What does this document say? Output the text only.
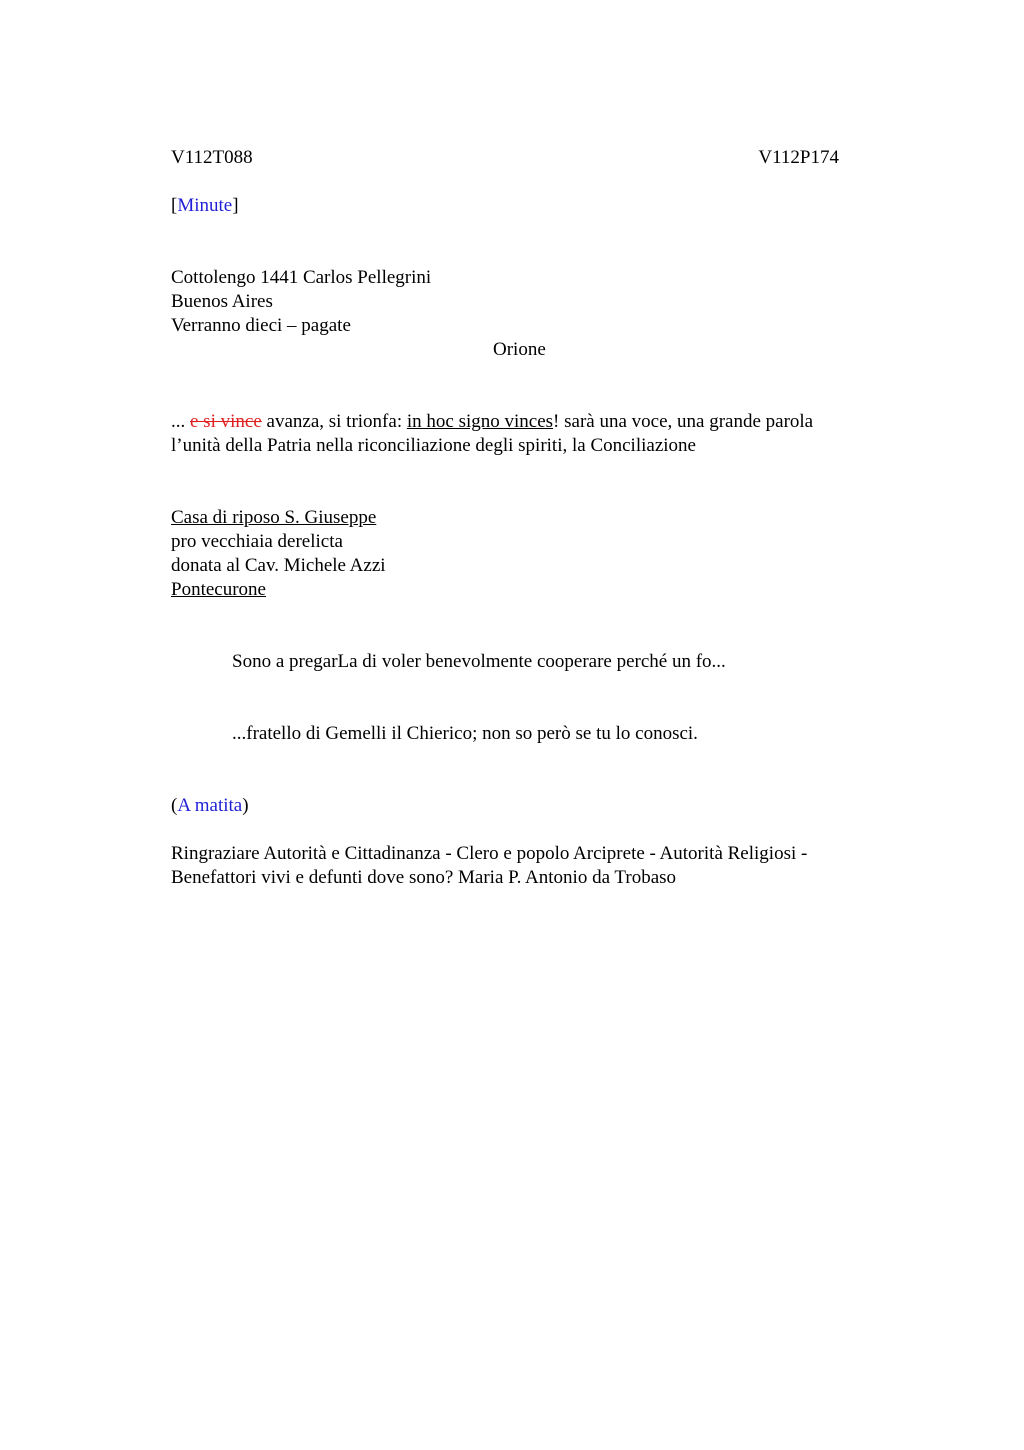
V112T088	V112P174
[Minute]
Cottolengo 1441 Carlos Pellegrini
Buenos Aires
Verranno dieci – pagate
Orione
... e si vince avanza, si trionfa: in hoc signo vinces! sarà una voce, una grande parola
l’unità della Patria nella riconciliazione degli spiriti, la Conciliazione
Casa di riposo S. Giuseppe
pro vecchiaia derelicta
donata al Cav. Michele Azzi
Pontecurone
Sono a pregarLa di voler benevolmente cooperare perché un fo...
...fratello di Gemelli il Chierico; non so però se tu lo conosci.
(A matita)
Ringraziare Autorità e Cittadinanza - Clero e popolo Arciprete - Autorità Religiosi -
Benefattori vivi e defunti dove sono? Maria P. Antonio da Trobaso
